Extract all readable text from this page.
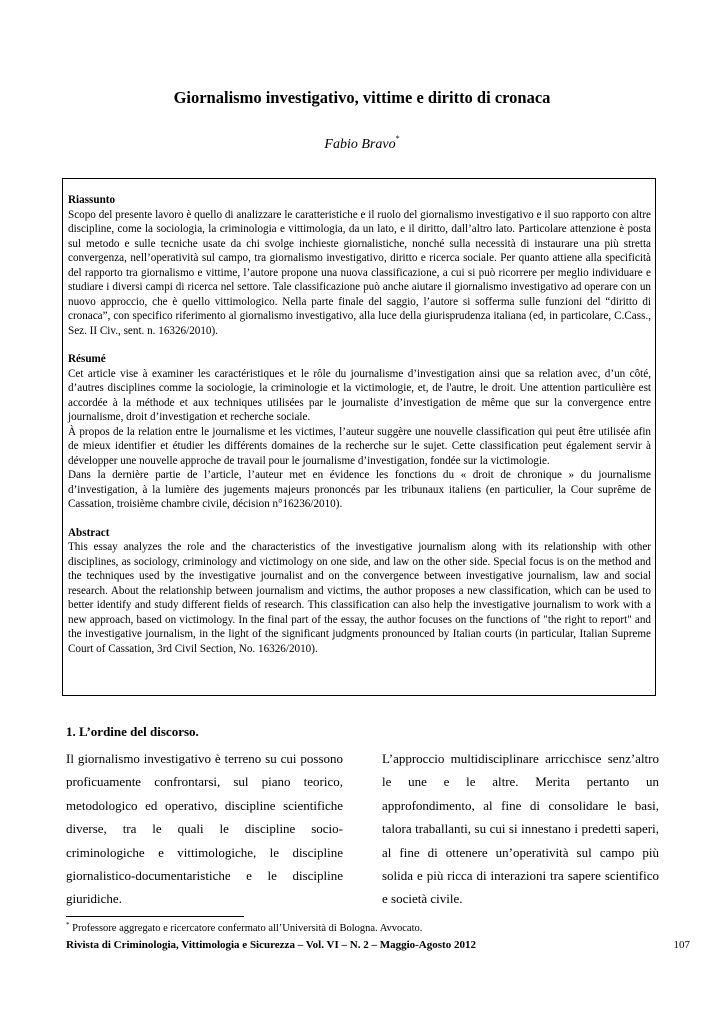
Giornalismo investigativo, vittime e diritto di cronaca
Fabio Bravo*
Riassunto

Scopo del presente lavoro è quello di analizzare le caratteristiche e il ruolo del giornalismo investigativo e il suo rapporto con altre discipline, come la sociologia, la criminologia e vittimologia, da un lato, e il diritto, dall’altro lato. Particolare attenzione è posta sul metodo e sulle tecniche usate da chi svolge inchieste giornalistiche, nonché sulla necessità di instaurare una più stretta convergenza, nell’operatività sul campo, tra giornalismo investigativo, diritto e ricerca sociale. Per quanto attiene alla specificità del rapporto tra giornalismo e vittime, l’autore propone una nuova classificazione, a cui si può ricorrere per meglio individuare e studiare i diversi campi di ricerca nel settore. Tale classificazione può anche aiutare il giornalismo investigativo ad operare con un nuovo approccio, che è quello vittimologico. Nella parte finale del saggio, l’autore si sofferma sulle funzioni del “diritto di cronaca”, con specifico riferimento al giornalismo investigativo, alla luce della giurisprudenza italiana (ed, in particolare, C.Cass., Sez. II Civ., sent. n. 16326/2010).

Résumé

Cet article vise à examiner les caractéristiques et le rôle du journalisme d’investigation ainsi que sa relation avec, d’un côté, d’autres disciplines comme la sociologie, la criminologie et la victimologie, et, de l'autre, le droit. Une attention particulière est accordée à la méthode et aux techniques utilisées par le journaliste d’investigation de même que sur la convergence entre journalisme, droit d’investigation et recherche sociale.
À propos de la relation entre le journalisme et les victimes, l’auteur suggère une nouvelle classification qui peut être utilisée afin de mieux identifier et étudier les différents domaines de la recherche sur le sujet. Cette classification peut également servir à développer une nouvelle approche de travail pour le journalisme d’investigation, fondée sur la victimologie.
Dans la dernière partie de l’article, l’auteur met en évidence les fonctions du « droit de chronique » du journalisme d’investigation, à la lumière des jugements majeurs prononcés par les tribunaux italiens (en particulier, la Cour suprême de Cassation, troisième chambre civile, décision n°16236/2010).

Abstract

This essay analyzes the role and the characteristics of the investigative journalism along with its relationship with other disciplines, as sociology, criminology and victimology on one side, and law on the other side. Special focus is on the method and the techniques used by the investigative journalist and on the convergence between investigative journalism, law and social research. About the relationship between journalism and victims, the author proposes a new classification, which can be used to better identify and study different fields of research. This classification can also help the investigative journalism to work with a new approach, based on victimology. In the final part of the essay, the author focuses on the functions of "the right to report" and the investigative journalism, in the light of the significant judgments pronounced by Italian courts (in particular, Italian Supreme Court of Cassation, 3rd Civil Section, No. 16326/2010).

1. L’ordine del discorso.
Il giornalismo investigativo è terreno su cui possono proficuamente confrontarsi, sul piano teorico, metodologico ed operativo, discipline scientifiche diverse, tra le quali le discipline socio-criminologiche e vittimologiche, le discipline giornalistico-documentaristiche e le discipline giuridiche.
L’approccio multidisciplinare arricchisce senz’altro le une e le altre. Merita pertanto un approfondimento, al fine di consolidare le basi, talora traballanti, su cui si innestano i predetti saperi, al fine di ottenere un’operatività sul campo più solida e più ricca di interazioni tra sapere scientifico e società civile.
* Professore aggregato e ricercatore confermato all’Università di Bologna. Avvocato.
Rivista di Criminologia, Vittimologia e Sicurezza – Vol. VI – N. 2 – Maggio-Agosto 2012	107
